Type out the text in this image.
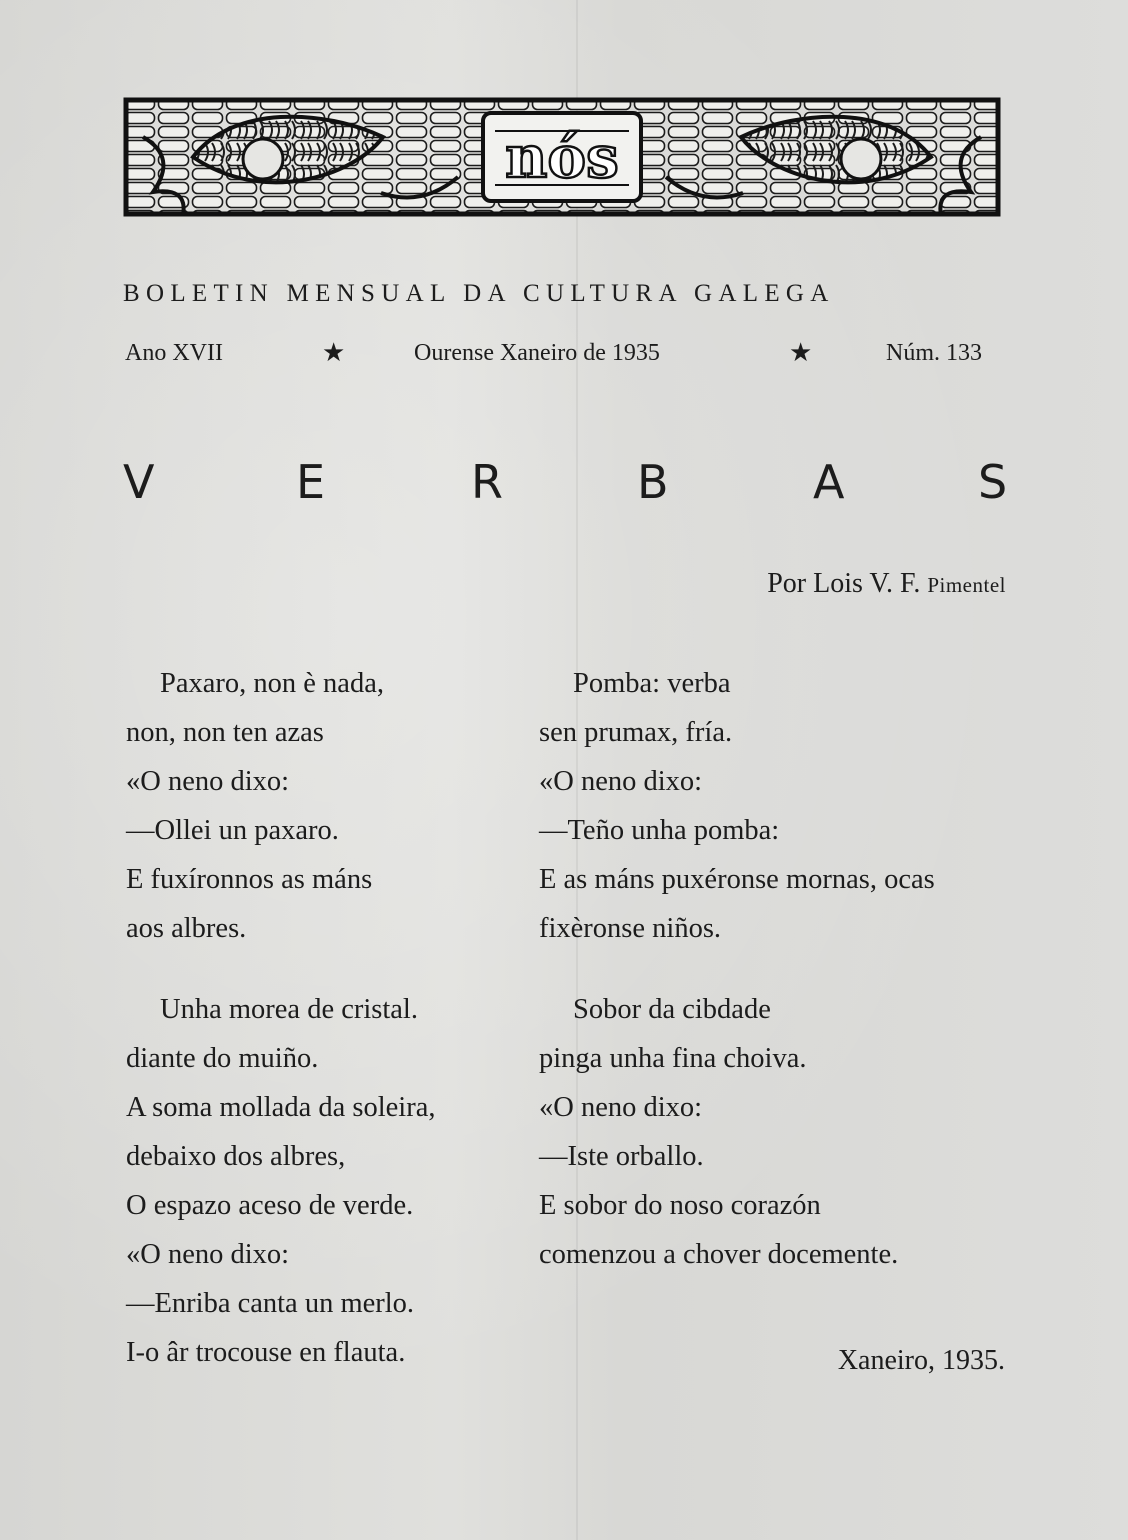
nós
BOLETIN MENSUAL DA CULTURA GALEGA
Ano XVII	★	Ourense Xaneiro de 1935	★	Núm. 133
V	E	R	B	A	S
Por Lois V. F. Pimentel
Paxaro, non è nada,
non, non ten azas
«O neno dixo:
—Ollei un paxaro.
E fuxíronnos as máns
aos albres.
Pomba: verba
sen prumax, fría.
«O neno dixo:
—Teño unha pomba:
E as máns puxéronse mornas, ocas
fixèronse niños.
Unha morea de cristal.
diante do muiño.
A soma mollada da soleira,
debaixo dos albres,
O espazo aceso de verde.
«O neno dixo:
—Enriba canta un merlo.
I-o âr trocouse en flauta.
Sobor da cibdade
pinga unha fina choiva.
«O neno dixo:
—Iste orballo.
E sobor do noso corazón
comenzou a chover docemente.
Xaneiro, 1935.
